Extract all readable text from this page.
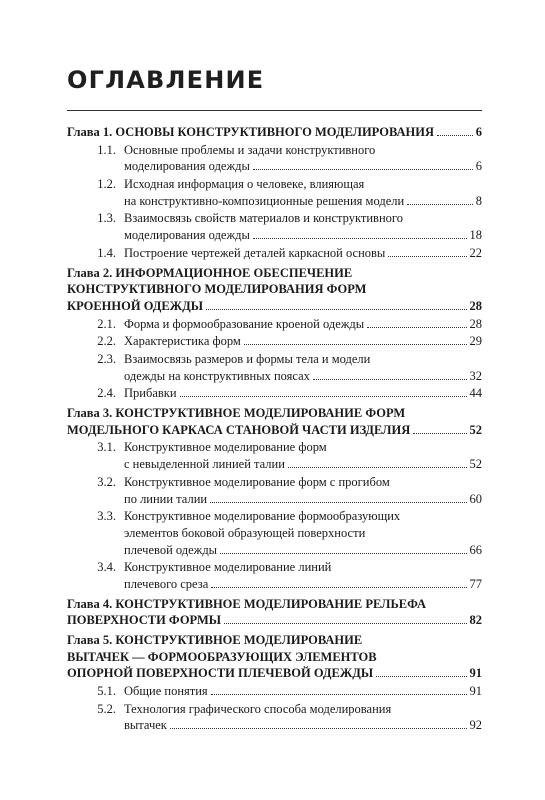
ОГЛАВЛЕНИЕ
Глава 1. ОСНОВЫ КОНСТРУКТИВНОГО МОДЕЛИРОВАНИЯ	6
1.1. Основные проблемы и задачи конструктивного
моделирования одежды	6
1.2. Исходная информация о человеке, влияющая
на конструктивно-композиционные решения модели	8
1.3. Взаимосвязь свойств материалов и конструктивного
моделирования одежды	18
1.4. Построение чертежей деталей каркасной основы	22
Глава 2. ИНФОРМАЦИОННОЕ ОБЕСПЕЧЕНИЕ
КОНСТРУКТИВНОГО МОДЕЛИРОВАНИЯ ФОРМ
КРОЕННОЙ ОДЕЖДЫ	28
2.1. Форма и формообразование кроеной одежды	28
2.2. Характеристика форм	29
2.3. Взаимосвязь размеров и формы тела и модели
одежды на конструктивных поясах	32
2.4. Прибавки	44
Глава 3. КОНСТРУКТИВНОЕ МОДЕЛИРОВАНИЕ ФОРМ
МОДЕЛЬНОГО КАРКАСА СТАНОВОЙ ЧАСТИ ИЗДЕЛИЯ	52
3.1. Конструктивное моделирование форм
с невыделенной линией талии	52
3.2. Конструктивное моделирование форм с прогибом
по линии талии	60
3.3. Конструктивное моделирование формообразующих
элементов боковой образующей поверхности
плечевой одежды	66
3.4. Конструктивное моделирование линий
плечевого среза	77
Глава 4. КОНСТРУКТИВНОЕ МОДЕЛИРОВАНИЕ РЕЛЬЕФА
ПОВЕРХНОСТИ ФОРМЫ	82
Глава 5. КОНСТРУКТИВНОЕ МОДЕЛИРОВАНИЕ
ВЫТАЧЕК — ФОРМООБРАЗУЮЩИХ ЭЛЕМЕНТОВ
ОПОРНОЙ ПОВЕРХНОСТИ ПЛЕЧЕВОЙ ОДЕЖДЫ	91
5.1. Общие понятия	91
5.2. Технология графического способа моделирования
вытачек	92
